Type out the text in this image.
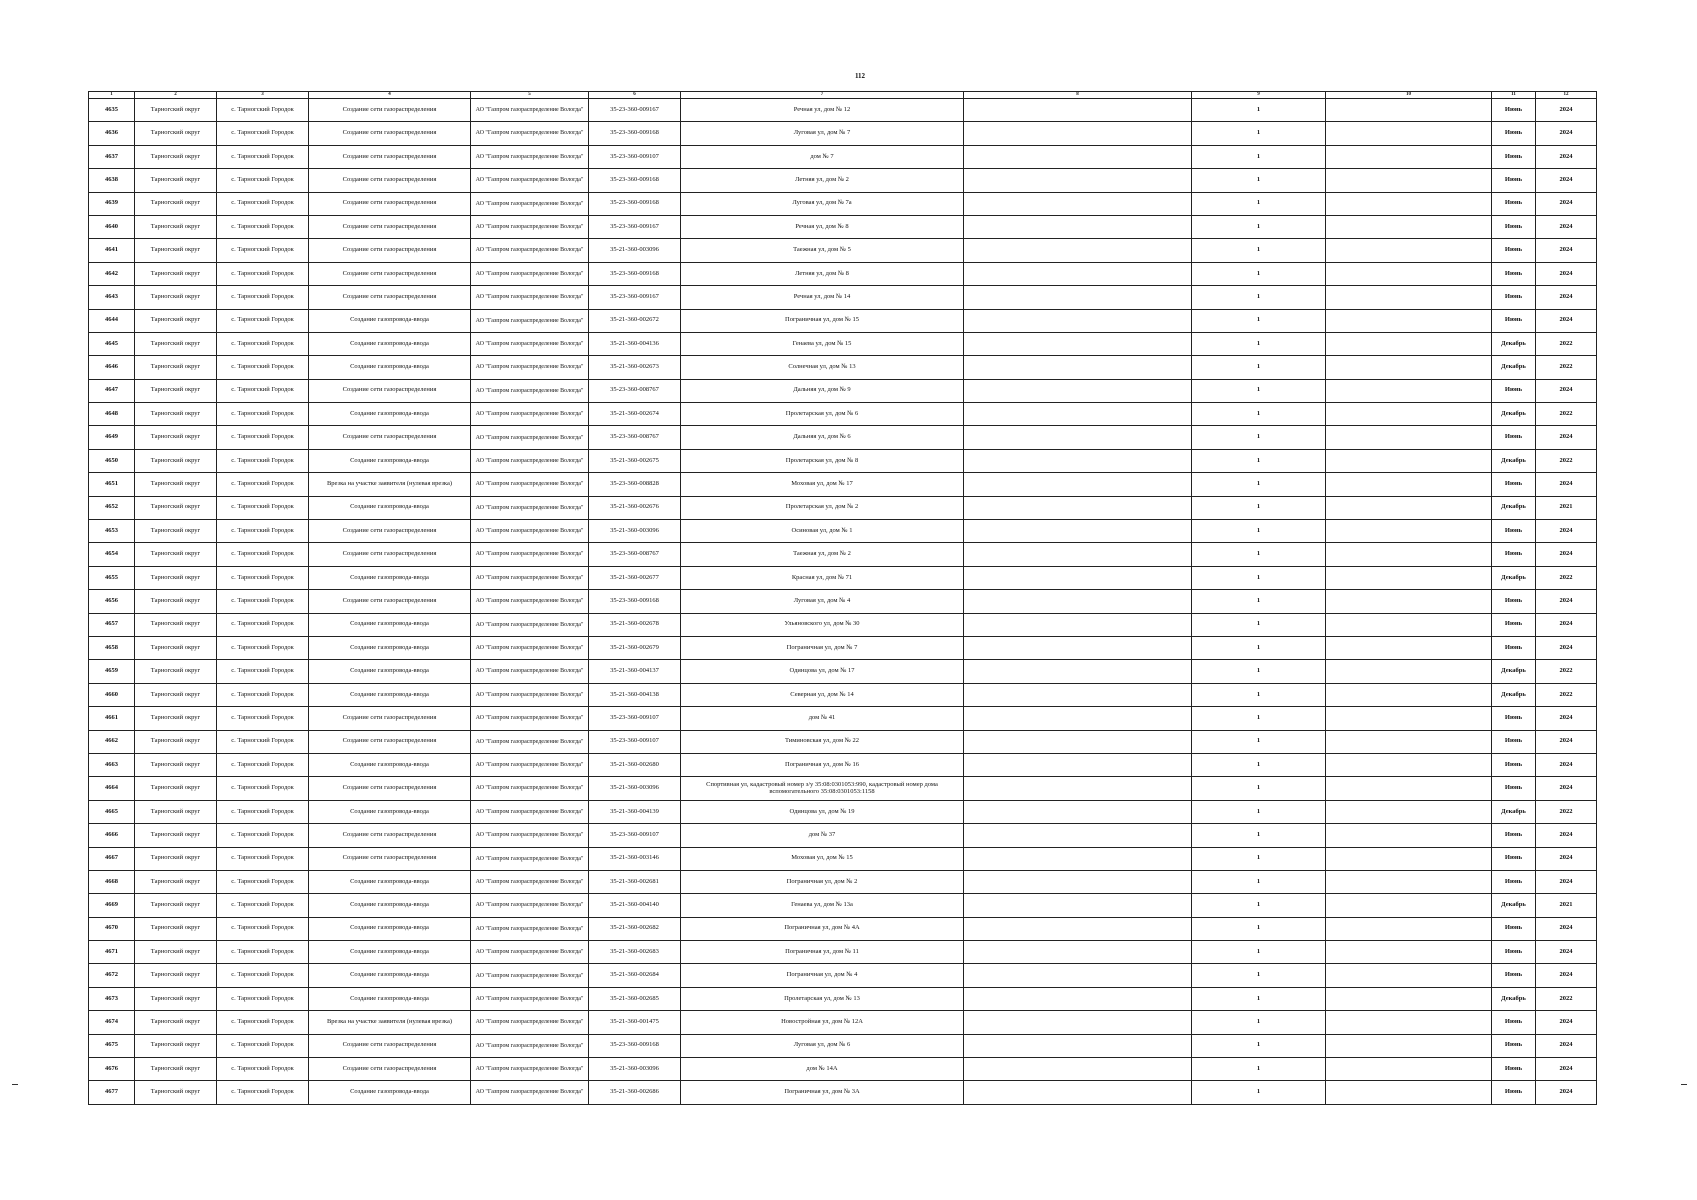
112
1	2	3	4	5	6	7	8	9	10	11	12
4635	Тарногский округ	с. Тарногский Городок	Создание сети газораспределения	АО "Газпром газораспределение Вологда"	35-23-360-009167	Речная ул, дом № 12		1		Июнь	2024
4636	Тарногский округ	с. Тарногский Городок	Создание сети газораспределения	АО "Газпром газораспределение Вологда"	35-23-360-009168	Луговая ул, дом № 7		1		Июнь	2024
4637	Тарногский округ	с. Тарногский Городок	Создание сети газораспределения	АО "Газпром газораспределение Вологда"	35-23-360-009107	дом № 7		1		Июнь	2024
4638	Тарногский округ	с. Тарногский Городок	Создание сети газораспределения	АО "Газпром газораспределение Вологда"	35-23-360-009168	Летняя ул, дом № 2		1		Июнь	2024
4639	Тарногский округ	с. Тарногский Городок	Создание сети газораспределения	АО "Газпром газораспределение Вологда"	35-23-360-009168	Луговая ул, дом № 7а		1		Июнь	2024
4640	Тарногский округ	с. Тарногский Городок	Создание сети газораспределения	АО "Газпром газораспределение Вологда"	35-23-360-009167	Речная ул, дом № 8		1		Июнь	2024
4641	Тарногский округ	с. Тарногский Городок	Создание сети газораспределения	АО "Газпром газораспределение Вологда"	35-21-360-003096	Таежная ул, дом № 5		1		Июнь	2024
4642	Тарногский округ	с. Тарногский Городок	Создание сети газораспределения	АО "Газпром газораспределение Вологда"	35-23-360-009168	Летняя ул, дом № 8		1		Июнь	2024
4643	Тарногский округ	с. Тарногский Городок	Создание сети газораспределения	АО "Газпром газораспределение Вологда"	35-23-360-009167	Речная ул, дом № 14		1		Июнь	2024
4644	Тарногский округ	с. Тарногский Городок	Создание газопровода-ввода	АО "Газпром газораспределение Вологда"	35-21-360-002672	Пограничная ул, дом № 15		1		Июнь	2024
4645	Тарногский округ	с. Тарногский Городок	Создание газопровода-ввода	АО "Газпром газораспределение Вологда"	35-21-360-004136	Генаева ул, дом № 15		1		Декабрь	2022
4646	Тарногский округ	с. Тарногский Городок	Создание газопровода-ввода	АО "Газпром газораспределение Вологда"	35-21-360-002673	Солнечная ул, дом № 13		1		Декабрь	2022
4647	Тарногский округ	с. Тарногский Городок	Создание сети газораспределения	АО "Газпром газораспределение Вологда"	35-23-360-008767	Дальняя ул, дом № 9		1		Июнь	2024
4648	Тарногский округ	с. Тарногский Городок	Создание газопровода-ввода	АО "Газпром газораспределение Вологда"	35-21-360-002674	Пролетарская ул, дом № 6		1		Декабрь	2022
4649	Тарногский округ	с. Тарногский Городок	Создание сети газораспределения	АО "Газпром газораспределение Вологда"	35-23-360-008767	Дальняя ул, дом № 6		1		Июнь	2024
4650	Тарногский округ	с. Тарногский Городок	Создание газопровода-ввода	АО "Газпром газораспределение Вологда"	35-21-360-002675	Пролетарская ул, дом № 8		1		Декабрь	2022
4651	Тарногский округ	с. Тарногский Городок	Врезка на участке заявителя (нулевая врезка)	АО "Газпром газораспределение Вологда"	35-23-360-008828	Моховая ул, дом № 17		1		Июнь	2024
4652	Тарногский округ	с. Тарногский Городок	Создание газопровода-ввода	АО "Газпром газораспределение Вологда"	35-21-360-002676	Пролетарская ул, дом № 2		1		Декабрь	2021
4653	Тарногский округ	с. Тарногский Городок	Создание сети газораспределения	АО "Газпром газораспределение Вологда"	35-21-360-003096	Осиновая ул, дом № 1		1		Июнь	2024
4654	Тарногский округ	с. Тарногский Городок	Создание сети газораспределения	АО "Газпром газораспределение Вологда"	35-23-360-008767	Таежная ул, дом № 2		1		Июнь	2024
4655	Тарногский округ	с. Тарногский Городок	Создание газопровода-ввода	АО "Газпром газораспределение Вологда"	35-21-360-002677	Красная ул, дом № 71		1		Декабрь	2022
4656	Тарногский округ	с. Тарногский Городок	Создание сети газораспределения	АО "Газпром газораспределение Вологда"	35-23-360-009168	Луговая ул, дом № 4		1		Июнь	2024
4657	Тарногский округ	с. Тарногский Городок	Создание газопровода-ввода	АО "Газпром газораспределение Вологда"	35-21-360-002678	Ульяновского ул, дом № 30		1		Июнь	2024
4658	Тарногский округ	с. Тарногский Городок	Создание газопровода-ввода	АО "Газпром газораспределение Вологда"	35-21-360-002679	Пограничная ул, дом № 7		1		Июнь	2024
4659	Тарногский округ	с. Тарногский Городок	Создание газопровода-ввода	АО "Газпром газораспределение Вологда"	35-21-360-004137	Одинцова ул, дом № 17		1		Декабрь	2022
4660	Тарногский округ	с. Тарногский Городок	Создание газопровода-ввода	АО "Газпром газораспределение Вологда"	35-21-360-004138	Северная ул, дом № 14		1		Декабрь	2022
4661	Тарногский округ	с. Тарногский Городок	Создание сети газораспределения	АО "Газпром газораспределение Вологда"	35-23-360-009107	дом № 41		1		Июнь	2024
4662	Тарногский округ	с. Тарногский Городок	Создание сети газораспределения	АО "Газпром газораспределение Вологда"	35-23-360-009107	Тиминовская ул, дом № 22		1		Июнь	2024
4663	Тарногский округ	с. Тарногский Городок	Создание газопровода-ввода	АО "Газпром газораспределение Вологда"	35-21-360-002680	Пограничная ул, дом № 16		1		Июнь	2024
4664	Тарногский округ	с. Тарногский Городок	Создание сети газораспределения	АО "Газпром газораспределение Вологда"	35-21-360-003096	Спортивная ул, кадастровый номер з/у 35:08:0301053:990, кадастровый номер дома вспомогательного 35:08:0301053:1158		1		Июнь	2024
4665	Тарногский округ	с. Тарногский Городок	Создание газопровода-ввода	АО "Газпром газораспределение Вологда"	35-21-360-004139	Одинцова ул, дом № 19		1		Декабрь	2022
4666	Тарногский округ	с. Тарногский Городок	Создание сети газораспределения	АО "Газпром газораспределение Вологда"	35-23-360-009107	дом № 37		1		Июнь	2024
4667	Тарногский округ	с. Тарногский Городок	Создание сети газораспределения	АО "Газпром газораспределение Вологда"	35-21-360-003146	Моховая ул, дом № 15		1		Июнь	2024
4668	Тарногский округ	с. Тарногский Городок	Создание газопровода-ввода	АО "Газпром газораспределение Вологда"	35-21-360-002681	Пограничная ул, дом № 2		1		Июнь	2024
4669	Тарногский округ	с. Тарногский Городок	Создание газопровода-ввода	АО "Газпром газораспределение Вологда"	35-21-360-004140	Генаева ул, дом № 13а		1		Декабрь	2021
4670	Тарногский округ	с. Тарногский Городок	Создание газопровода-ввода	АО "Газпром газораспределение Вологда"	35-21-360-002682	Пограничная ул, дом № 4А		1		Июнь	2024
4671	Тарногский округ	с. Тарногский Городок	Создание газопровода-ввода	АО "Газпром газораспределение Вологда"	35-21-360-002683	Пограничная ул, дом № 11		1		Июнь	2024
4672	Тарногский округ	с. Тарногский Городок	Создание газопровода-ввода	АО "Газпром газораспределение Вологда"	35-21-360-002684	Пограничная ул, дом № 4		1		Июнь	2024
4673	Тарногский округ	с. Тарногский Городок	Создание газопровода-ввода	АО "Газпром газораспределение Вологда"	35-21-360-002685	Пролетарская ул, дом № 13		1		Декабрь	2022
4674	Тарногский округ	с. Тарногский Городок	Врезка на участке заявителя (нулевая врезка)	АО "Газпром газораспределение Вологда"	35-21-360-001475	Новостройная ул, дом № 12А		1		Июнь	2024
4675	Тарногский округ	с. Тарногский Городок	Создание сети газораспределения	АО "Газпром газораспределение Вологда"	35-23-360-009168	Луговая ул, дом № 6		1		Июнь	2024
4676	Тарногский округ	с. Тарногский Городок	Создание сети газораспределения	АО "Газпром газораспределение Вологда"	35-21-360-003096	дом № 14А		1		Июнь	2024
4677	Тарногский округ	с. Тарногский Городок	Создание газопровода-ввода	АО "Газпром газораспределение Вологда"	35-21-360-002686	Пограничная ул, дом № 3А		1		Июнь	2024
